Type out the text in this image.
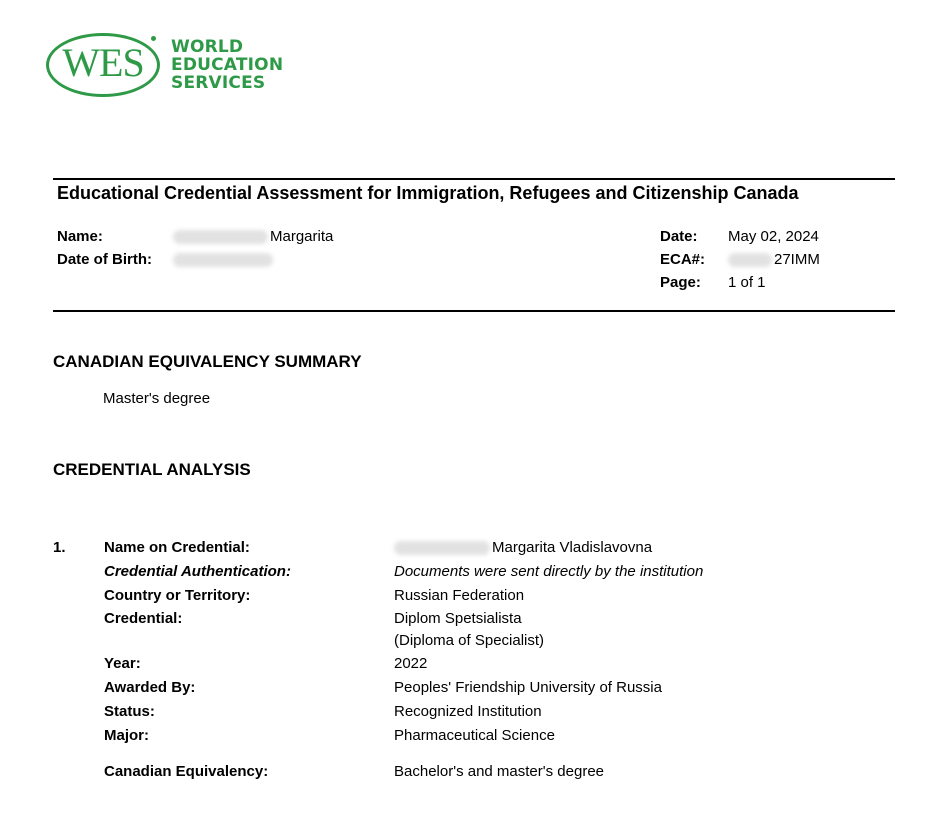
WES	WORLD
EDUCATION
SERVICES
Educational Credential Assessment for Immigration, Refugees and Citizenship Canada
Name:	Margarita
Date of Birth:
Date: May 02, 2024
ECA#:	27IMM
Page: 1 of 1
CANADIAN EQUIVALENCY SUMMARY
Master's degree
CREDENTIAL ANALYSIS
1.	Name on Credential:	Margarita Vladislavovna
Credential Authentication:	Documents were sent directly by the institution
Country or Territory:	Russian Federation
Credential:	Diplom Spetsialista
(Diploma of Specialist)
Year:	2022
Awarded By:	Peoples' Friendship University of Russia
Status:	Recognized Institution
Major:	Pharmaceutical Science
Canadian Equivalency:	Bachelor's and master's degree
